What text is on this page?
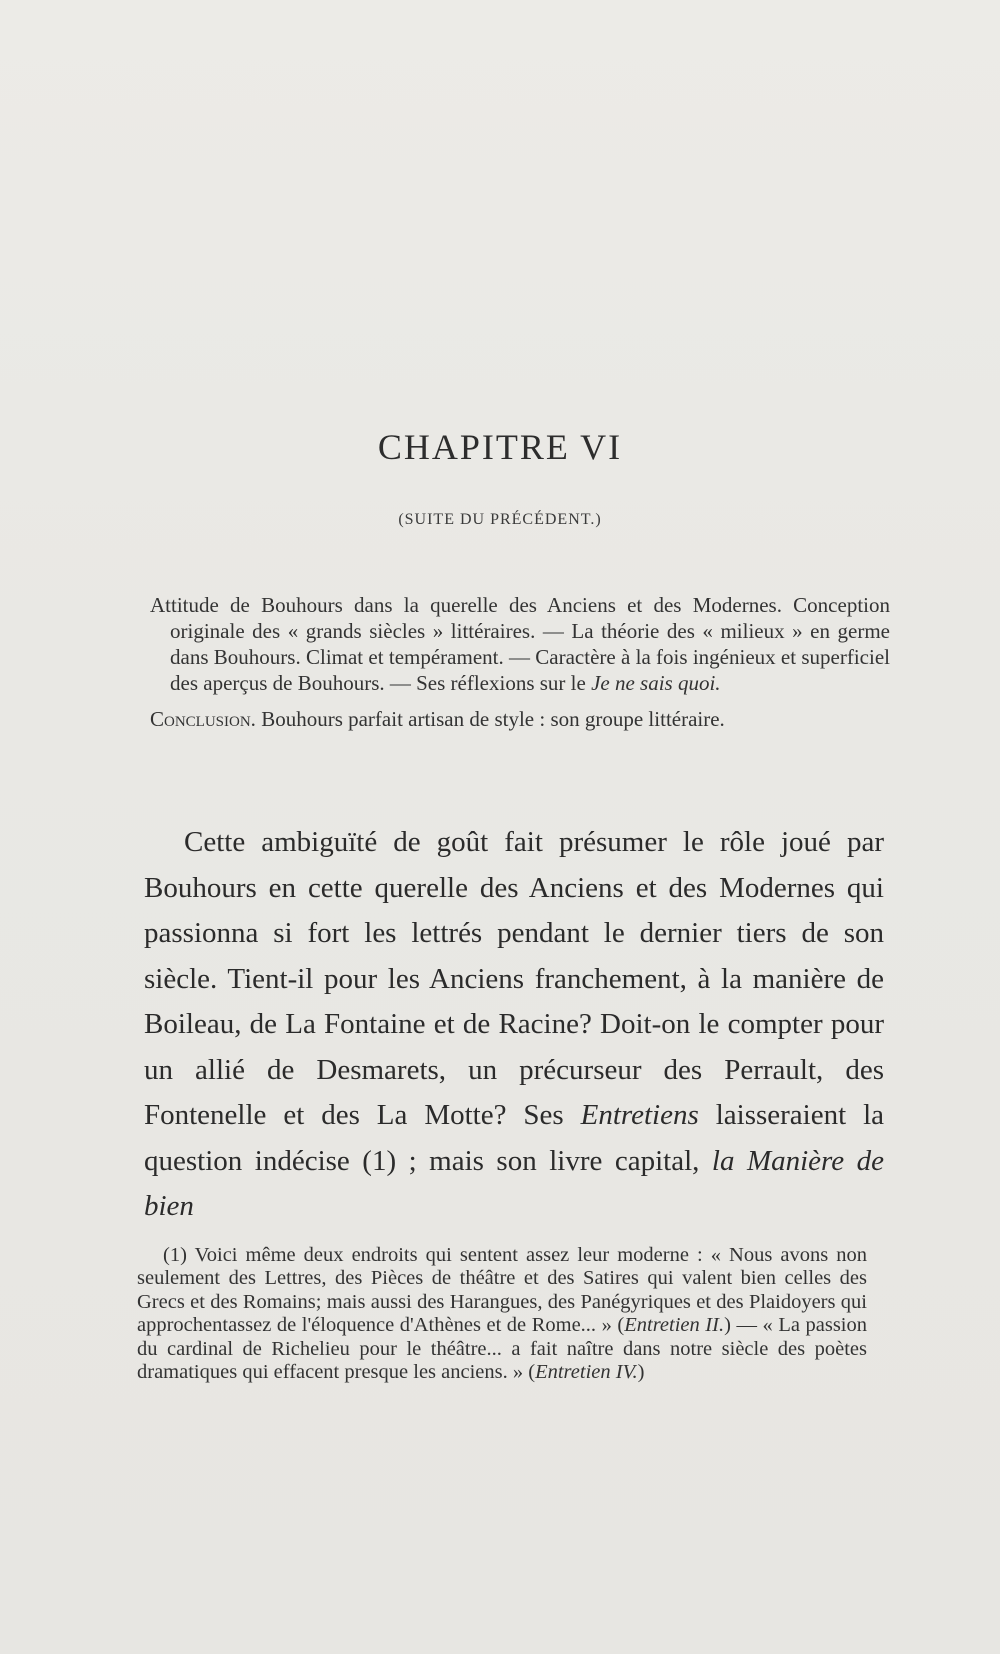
CHAPITRE VI
(SUITE DU PRÉCÉDENT.)

Attitude de Bouhours dans la querelle des Anciens et des Modernes. Conception originale des « grands siècles » littéraires. — La théorie des « milieux » en germe dans Bouhours. Climat et tempérament. — Caractère à la fois ingénieux et superficiel des aperçus de Bouhours. — Ses réflexions sur le Je ne sais quoi.

Conclusion. Bouhours parfait artisan de style : son groupe littéraire.

Cette ambiguïté de goût fait présumer le rôle joué par Bouhours en cette querelle des Anciens et des Modernes qui passionna si fort les lettrés pendant le dernier tiers de son siècle. Tient-il pour les Anciens franchement, à la manière de Boileau, de La Fontaine et de Racine? Doit-on le compter pour un allié de Desmarets, un précurseur des Perrault, des Fontenelle et des La Motte? Ses Entretiens laisseraient la question indécise (1) ; mais son livre capital, la Manière de bien

(1) Voici même deux endroits qui sentent assez leur moderne : « Nous avons non seulement des Lettres, des Pièces de théâtre et des Satires qui valent bien celles des Grecs et des Romains; mais aussi des Harangues, des Panégyriques et des Plaidoyers qui approchentassez de l'éloquence d'Athènes et de Rome... » (Entretien II.) — « La passion du cardinal de Richelieu pour le théâtre... a fait naître dans notre siècle des poètes dramatiques qui effacent presque les anciens. » (Entretien IV.)
